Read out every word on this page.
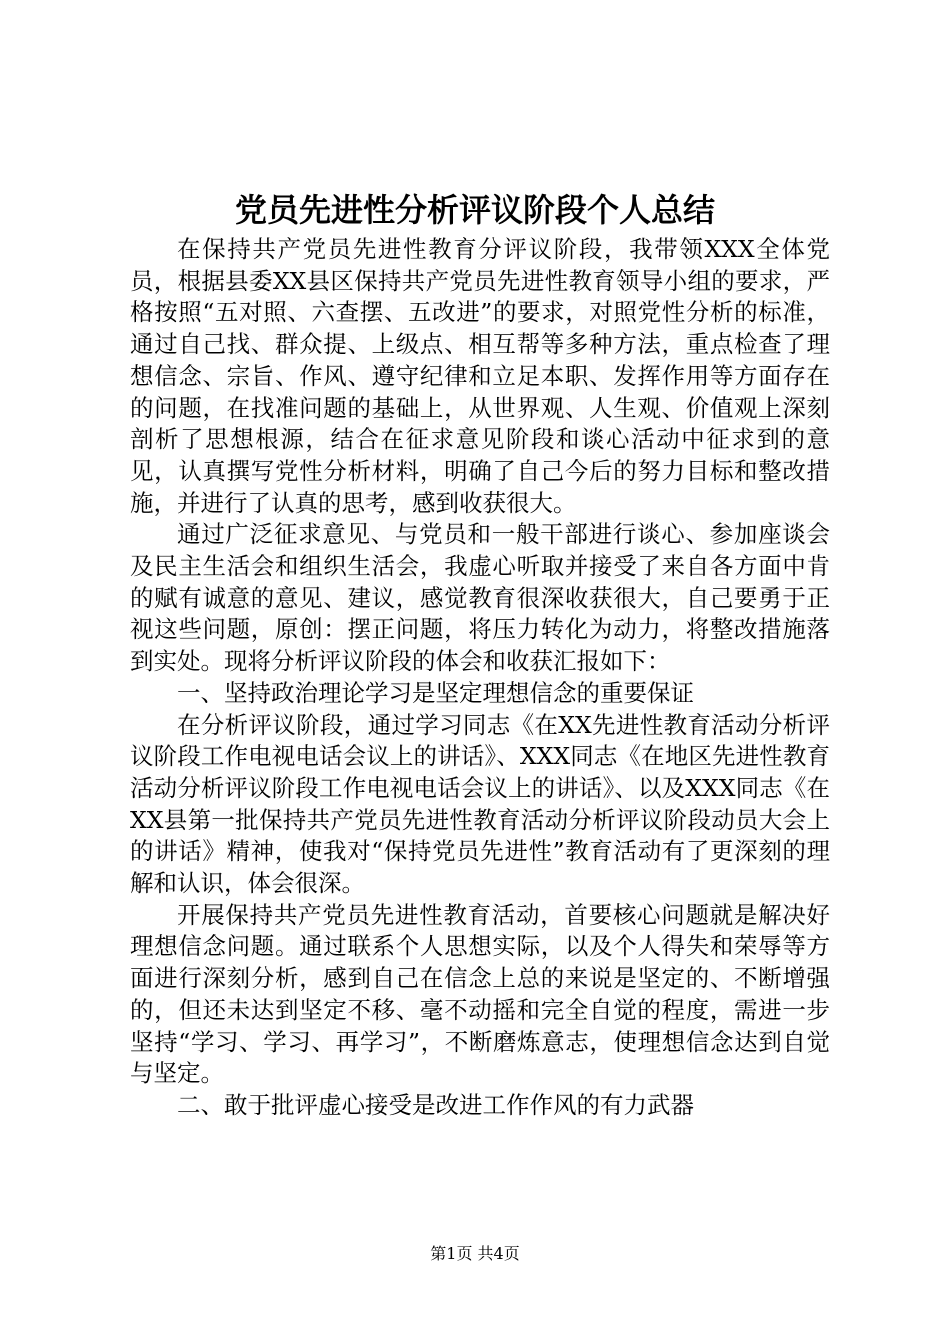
党员先进性分析评议阶段个人总结

在保持共产党员先进性教育分评议阶段，我带领XXX全体党员，根据县委XX县区保持共产党员先进性教育领导小组的要求，严格按照“五对照、六查摆、五改进”的要求，对照党性分析的标准，通过自己找、群众提、上级点、相互帮等多种方法，重点检查了理想信念、宗旨、作风、遵守纪律和立足本职、发挥作用等方面存在的问题，在找准问题的基础上，从世界观、人生观、价值观上深刻剖析了思想根源，结合在征求意见阶段和谈心活动中征求到的意见，认真撰写党性分析材料，明确了自己今后的努力目标和整改措施，并进行了认真的思考，感到收获很大。

通过广泛征求意见、与党员和一般干部进行谈心、参加座谈会及民主生活会和组织生活会，我虚心听取并接受了来自各方面中肯的赋有诚意的意见、建议，感觉教育很深收获很大，自己要勇于正视这些问题，原创：摆正问题，将压力转化为动力，将整改措施落到实处。现将分析评议阶段的体会和收获汇报如下：

一、坚持政治理论学习是坚定理想信念的重要保证

在分析评议阶段，通过学习同志《在XX先进性教育活动分析评议阶段工作电视电话会议上的讲话》、XXX同志《在地区先进性教育活动分析评议阶段工作电视电话会议上的讲话》、以及XXX同志《在XX县第一批保持共产党员先进性教育活动分析评议阶段动员大会上的讲话》精神，使我对“保持党员先进性”教育活动有了更深刻的理解和认识，体会很深。

开展保持共产党员先进性教育活动，首要核心问题就是解决好理想信念问题。通过联系个人思想实际，以及个人得失和荣辱等方面进行深刻分析，感到自己在信念上总的来说是坚定的、不断增强的，但还未达到坚定不移、毫不动摇和完全自觉的程度，需进一步坚持“学习、学习、再学习”，不断磨炼意志，使理想信念达到自觉与坚定。

二、敢于批评虚心接受是改进工作作风的有力武器

第1页 共4页
